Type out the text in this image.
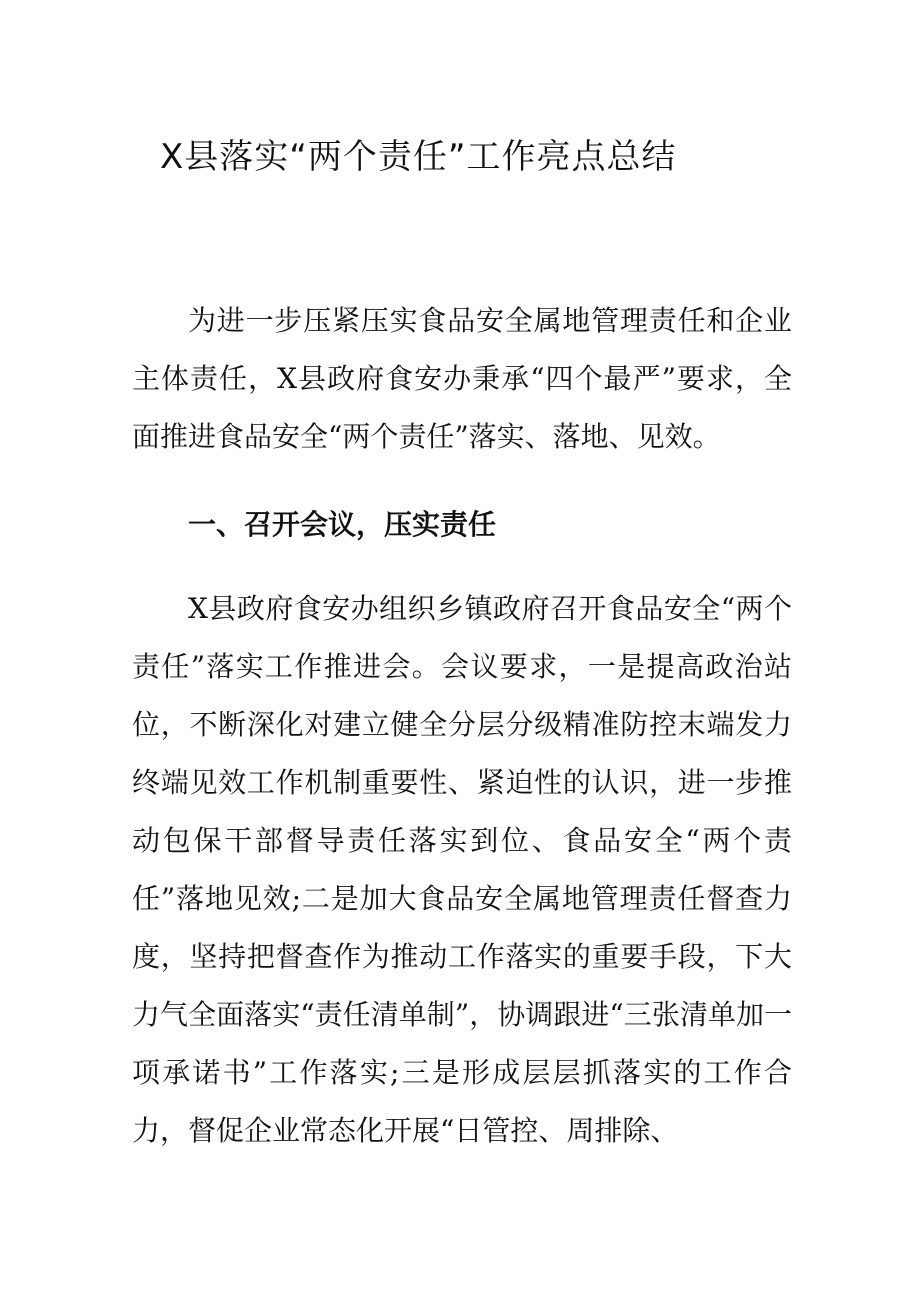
X县落实“两个责任”工作亮点总结

为进一步压紧压实食品安全属地管理责任和企业主体责任，X县政府食安办秉承“四个最严”要求，全面推进食品安全“两个责任”落实、落地、见效。

一、召开会议，压实责任

X县政府食安办组织乡镇政府召开食品安全“两个责任”落实工作推进会。会议要求，一是提高政治站位，不断深化对建立健全分层分级精准防控末端发力终端见效工作机制重要性、紧迫性的认识，进一步推动包保干部督导责任落实到位、食品安全“两个责任”落地见效;二是加大食品安全属地管理责任督查力度，坚持把督查作为推动工作落实的重要手段，下大力气全面落实“责任清单制”，协调跟进“三张清单加一项承诺书”工作落实;三是形成层层抓落实的工作合力，督促企业常态化开展“日管控、周排除、
